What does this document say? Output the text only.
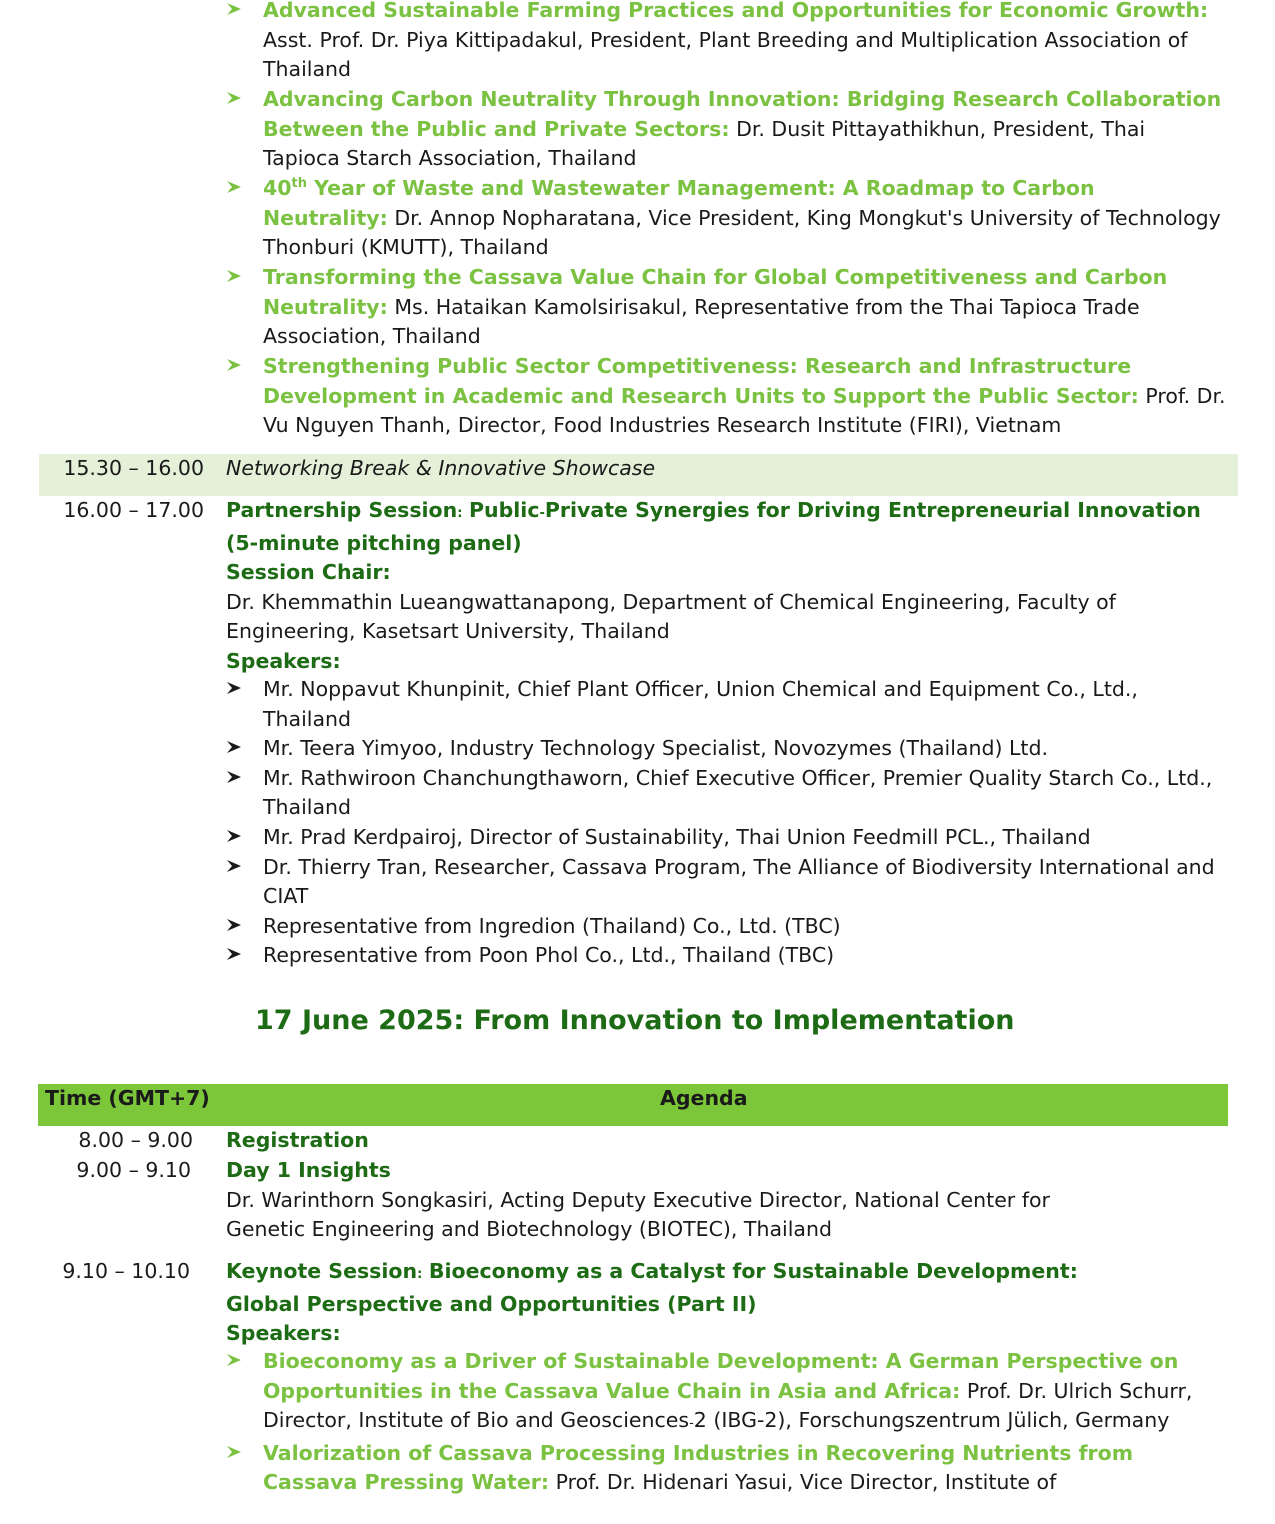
Advanced Sustainable Farming Practices and Opportunities for Economic Growth: Asst. Prof. Dr. Piya Kittipadakul, President, Plant Breeding and Multiplication Association of Thailand
Advancing Carbon Neutrality Through Innovation: Bridging Research Collaboration Between the Public and Private Sectors: Dr. Dusit Pittayathikhun, President, Thai Tapioca Starch Association, Thailand
40th Year of Waste and Wastewater Management: A Roadmap to Carbon Neutrality: Dr. Annop Nopharatana, Vice President, King Mongkut's University of Technology Thonburi (KMUTT), Thailand
Transforming the Cassava Value Chain for Global Competitiveness and Carbon Neutrality: Ms. Hataikan Kamolsirisakul, Representative from the Thai Tapioca Trade Association, Thailand
Strengthening Public Sector Competitiveness: Research and Infrastructure Development in Academic and Research Units to Support the Public Sector: Prof. Dr. Vu Nguyen Thanh, Director, Food Industries Research Institute (FIRI), Vietnam
15.30 – 16.00 Networking Break & Innovative Showcase
16.00 – 17.00 Partnership Session: Public-Private Synergies for Driving Entrepreneurial Innovation
(5-minute pitching panel)
Session Chair:
Dr. Khemmathin Lueangwattanapong, Department of Chemical Engineering, Faculty of Engineering, Kasetsart University, Thailand
Speakers:
Mr. Noppavut Khunpinit, Chief Plant Officer, Union Chemical and Equipment Co., Ltd., Thailand
Mr. Teera Yimyoo, Industry Technology Specialist, Novozymes (Thailand) Ltd.
Mr. Rathwiroon Chanchungthaworn, Chief Executive Officer, Premier Quality Starch Co., Ltd., Thailand
Mr. Prad Kerdpairoj, Director of Sustainability, Thai Union Feedmill PCL., Thailand
Dr. Thierry Tran, Researcher, Cassava Program, The Alliance of Biodiversity International and CIAT
Representative from Ingredion (Thailand) Co., Ltd. (TBC)
Representative from Poon Phol Co., Ltd., Thailand (TBC)
17 June 2025: From Innovation to Implementation
Time (GMT+7)	Agenda
8.00 – 9.00 Registration
9.00 – 9.10 Day 1 Insights
Dr. Warinthorn Songkasiri, Acting Deputy Executive Director, National Center for Genetic Engineering and Biotechnology (BIOTEC), Thailand
9.10 – 10.10 Keynote Session: Bioeconomy as a Catalyst for Sustainable Development:
Global Perspective and Opportunities (Part II)
Speakers:
Bioeconomy as a Driver of Sustainable Development: A German Perspective on Opportunities in the Cassava Value Chain in Asia and Africa: Prof. Dr. Ulrich Schurr, Director, Institute of Bio and Geosciences-2 (IBG-2), Forschungszentrum Jülich, Germany
Valorization of Cassava Processing Industries in Recovering Nutrients from Cassava Pressing Water: Prof. Dr. Hidenari Yasui, Vice Director, Institute of
